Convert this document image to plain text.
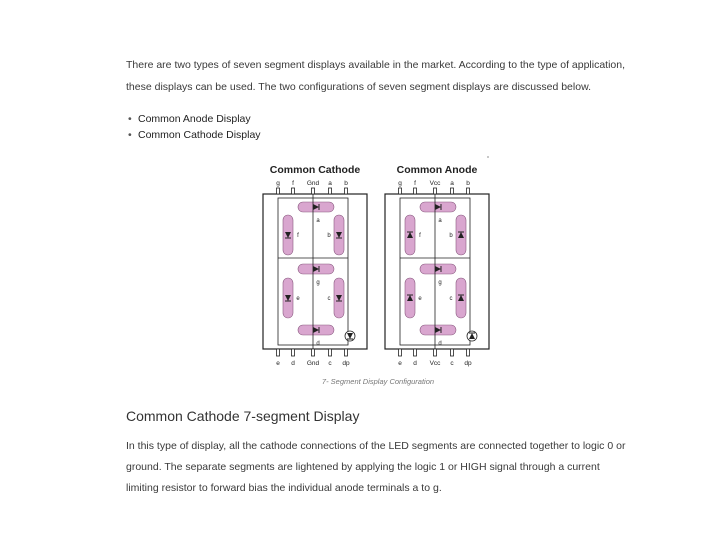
There are two types of seven segment displays available in the market. According to the type of application, these displays can be used. The two configurations of seven segment displays are discussed below.
• Common Anode Display
• Common Cathode Display
Common Cathode
g f Gnd a b
e d Gnd c dp
a
g
d
f	b
e	c
Common Anode
g f Vcc a b
e d Vcc c dp
a
g
d
f	b
e	c
7- Segment Display Configuration
Common Cathode 7-segment Display
In this type of display, all the cathode connections of the LED segments are connected together to logic 0 or ground. The separate segments are lightened by applying the logic 1 or HIGH signal through a current limiting resistor to forward bias the individual anode terminals a to g.
